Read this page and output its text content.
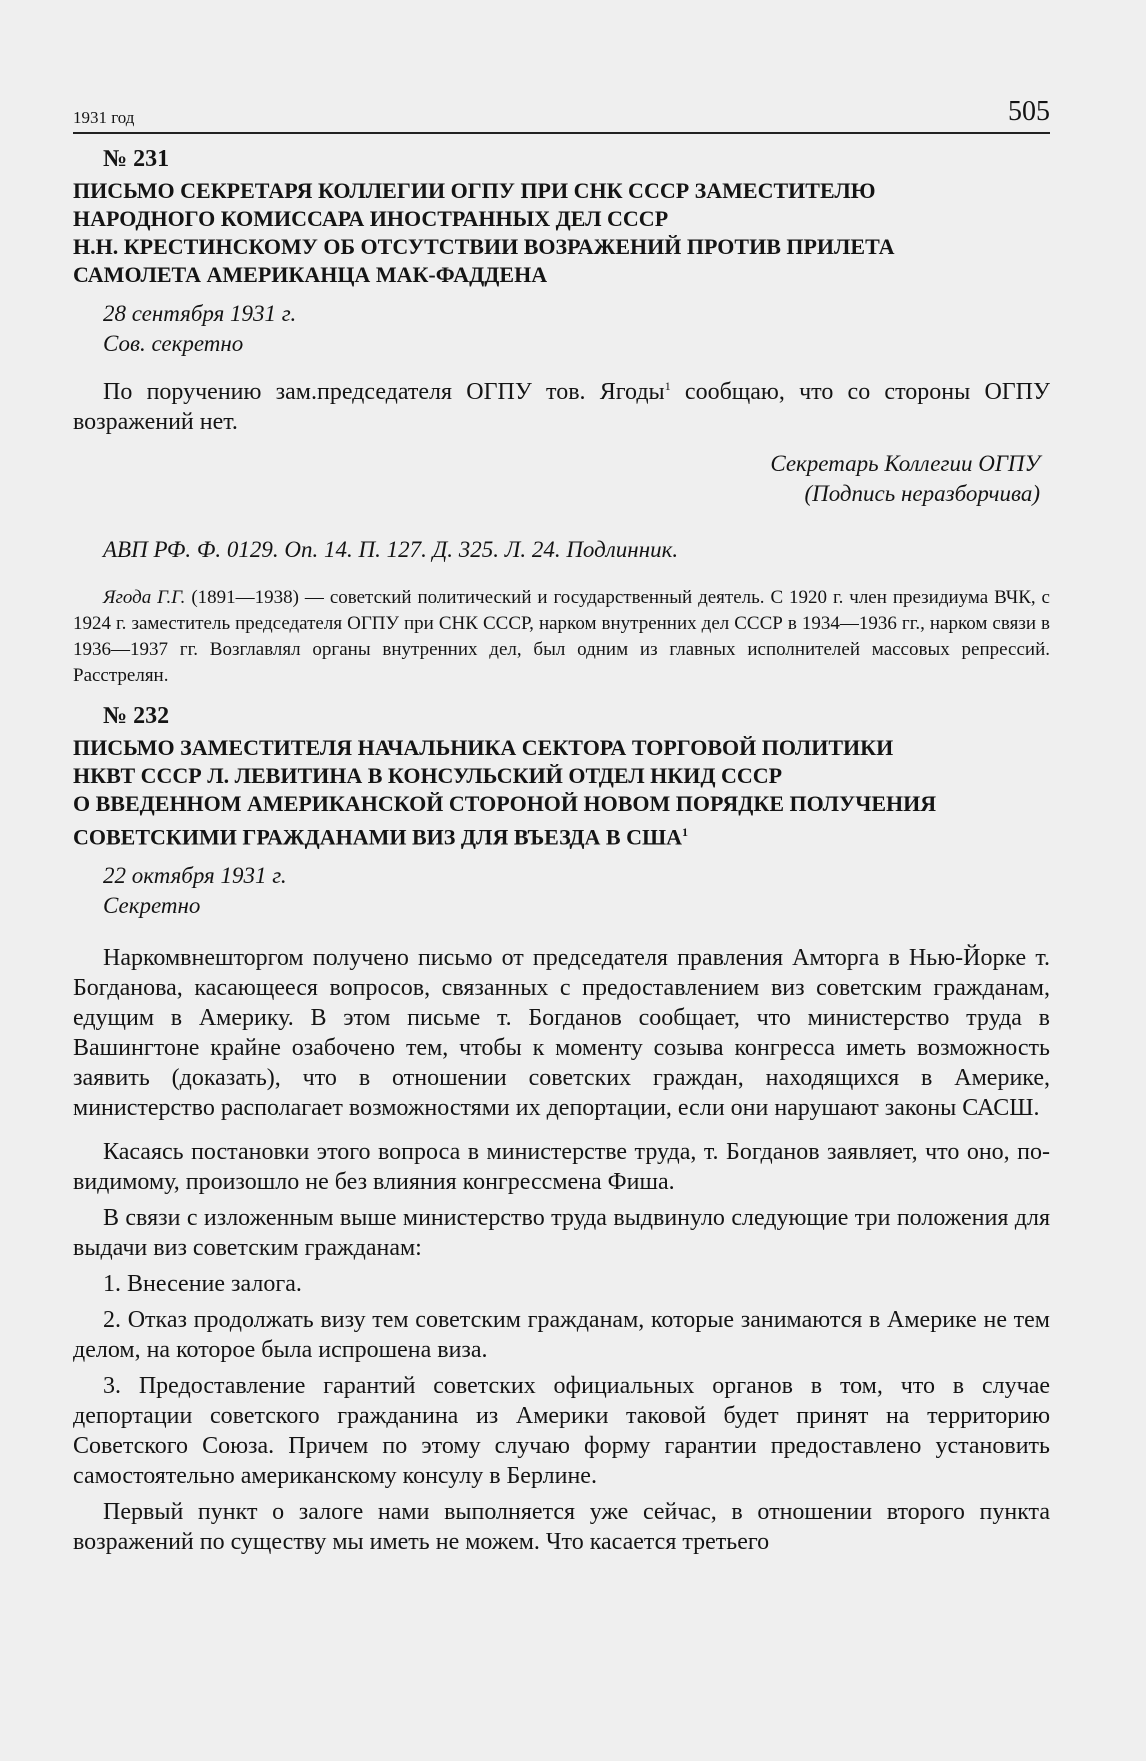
1931 год	505
№ 231
ПИСЬМО СЕКРЕТАРЯ КОЛЛЕГИИ ОГПУ ПРИ СНК СССР ЗАМЕСТИТЕЛЮ
НАРОДНОГО КОМИССАРА ИНОСТРАННЫХ ДЕЛ СССР
Н.Н. КРЕСТИНСКОМУ ОБ ОТСУТСТВИИ ВОЗРАЖЕНИЙ ПРОТИВ ПРИЛЕТА
САМОЛЕТА АМЕРИКАНЦА МАК-ФАДДЕНА
28 сентября 1931 г.
Сов. секретно

По поручению зам.председателя ОГПУ тов. Ягоды$^1$ сообщаю, что со стороны ОГПУ возражений нет.

Секретарь Коллегии ОГПУ
(Подпись неразборчива)
АВП РФ. Ф. 0129. Оп. 14. П. 127. Д. 325. Л. 24. Подлинник.

Ягода Г.Г. (1891—1938) — советский политический и государственный деятель. С 1920 г. член президиума ВЧК, с 1924 г. заместитель председателя ОГПУ при СНК СССР, нарком внутренних дел СССР в 1934—1936 гг., нарком связи в 1936—1937 гг. Возглавлял органы внутренних дел, был одним из главных исполнителей массовых репрессий. Расстрелян.

№ 232
ПИСЬМО ЗАМЕСТИТЕЛЯ НАЧАЛЬНИКА СЕКТОРА ТОРГОВОЙ ПОЛИТИКИ
НКВТ СССР Л. ЛЕВИТИНА В КОНСУЛЬСКИЙ ОТДЕЛ НКИД СССР
О ВВЕДЕННОМ АМЕРИКАНСКОЙ СТОРОНОЙ НОВОМ ПОРЯДКЕ ПОЛУЧЕНИЯ
СОВЕТСКИМИ ГРАЖДАНАМИ ВИЗ ДЛЯ ВЪЕЗДА В США$^1$
22 октября 1931 г.
Секретно

Наркомвнешторгом получено письмо от председателя правления Амторга в Нью-Йорке т. Богданова, касающееся вопросов, связанных с предоставлением виз советским гражданам, едущим в Америку. В этом письме т. Богданов сообщает, что министерство труда в Вашингтоне крайне озабочено тем, чтобы к моменту созыва конгресса иметь возможность заявить (доказать), что в отношении советских граждан, находящихся в Америке, министерство располагает возможностями их депортации, если они нарушают законы САСШ.

Касаясь постановки этого вопроса в министерстве труда, т. Богданов заявляет, что оно, по-видимому, произошло не без влияния конгрессмена Фиша.

В связи с изложенным выше министерство труда выдвинуло следующие три положения для выдачи виз советским гражданам:

1. Внесение залога.

2. Отказ продолжать визу тем советским гражданам, которые занимаются в Америке не тем делом, на которое была испрошена виза.

3. Предоставление гарантий советских официальных органов в том, что в случае депортации советского гражданина из Америки таковой будет принят на территорию Советского Союза. Причем по этому случаю форму гарантии предоставлено установить самостоятельно американскому консулу в Берлине.

Первый пункт о залоге нами выполняется уже сейчас, в отношении второго пункта возражений по существу мы иметь не можем. Что касается третьего
